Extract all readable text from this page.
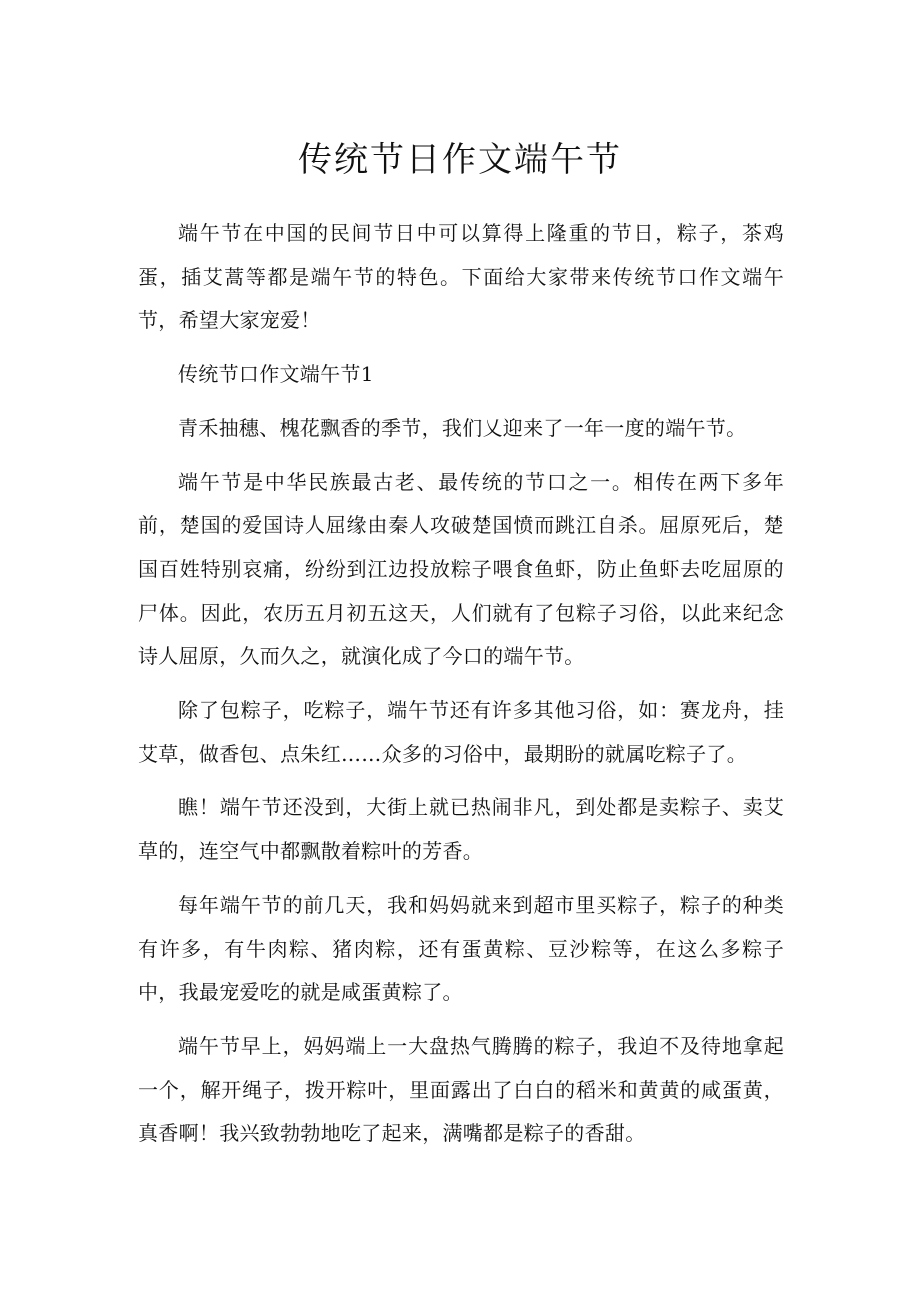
传统节日作文端午节

端午节在中国的民间节日中可以算得上隆重的节日，粽子，茶鸡蛋，插艾蒿等都是端午节的特色。下面给大家带来传统节口作文端午节，希望大家宠爱！

传统节口作文端午节1

青禾抽穗、槐花飘香的季节，我们乂迎来了一年一度的端午节。

端午节是中华民族最古老、最传统的节口之一。相传在两下多年前，楚国的爱国诗人屈缘由秦人攻破楚国愤而跳江自杀。屈原死后，楚国百姓特别哀痛，纷纷到江边投放粽子喂食鱼虾，防止鱼虾去吃屈原的尸体。因此，农历五月初五这天，人们就有了包粽子习俗，以此来纪念诗人屈原，久而久之，就演化成了今口的端午节。

除了包粽子，吃粽子，端午节还有许多其他习俗，如：赛龙舟，挂艾草，做香包、点朱红……众多的习俗中，最期盼的就属吃粽子了。

瞧！端午节还没到，大街上就已热闹非凡，到处都是卖粽子、卖艾草的，连空气中都飘散着粽叶的芳香。

每年端午节的前几天，我和妈妈就来到超市里买粽子，粽子的种类有许多，有牛肉粽、猪肉粽，还有蛋黄粽、豆沙粽等，在这么多粽子中，我最宠爱吃的就是咸蛋黄粽了。

端午节早上，妈妈端上一大盘热气腾腾的粽子，我迫不及待地拿起一个，解开绳子，拨开粽叶，里面露出了白白的稻米和黄黄的咸蛋黄，真香啊！我兴致勃勃地吃了起来，满嘴都是粽子的香甜。
